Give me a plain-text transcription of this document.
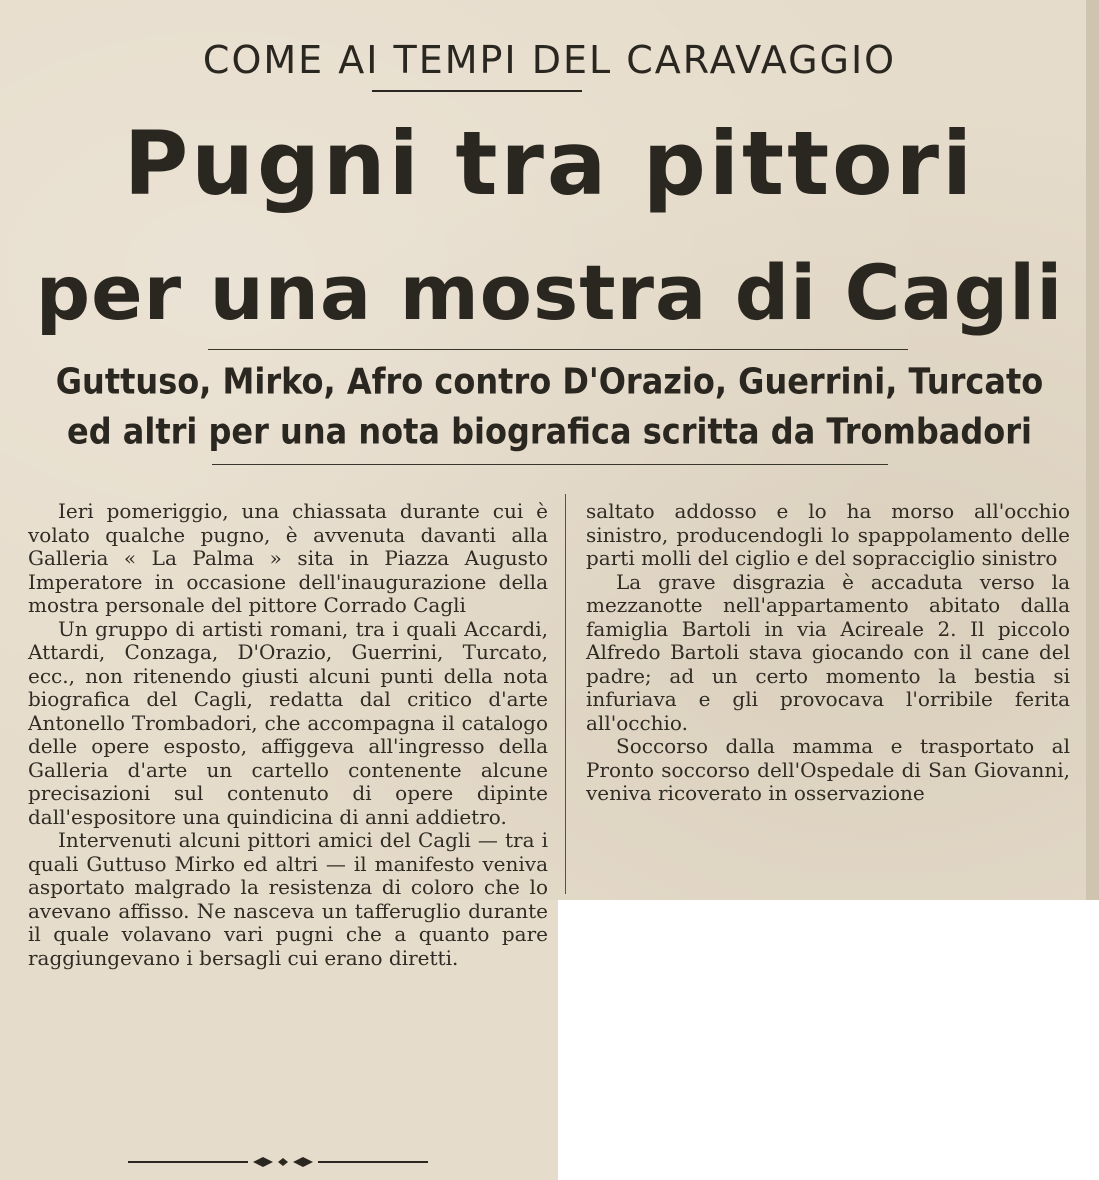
COME AI TEMPI DEL CARAVAGGIO
Pugni tra pittori
per una mostra di Cagli
Guttuso, Mirko, Afro contro D'Orazio, Guerrini, Turcato
ed altri per una nota biografica scritta da Trombadori

Ieri pomeriggio, una chiassata durante cui è volato qualche pugno, è avvenuta davanti alla Galleria « La Palma » sita in Piazza Augusto Imperatore in occasione dell'inaugurazione della mostra personale del pittore Corrado Cagli

Un gruppo di artisti romani, tra i quali Accardi, Attardi, Conzaga, D'Orazio, Guerrini, Turcato, ecc., non ritenendo giusti alcuni punti della nota biografica del Cagli, redatta dal critico d'arte Antonello Trombadori, che accompagna il catalogo delle opere esposto, affiggeva all'ingresso della Galleria d'arte un cartello contenente alcune precisazioni sul contenuto di opere dipinte dall'espositore una quindicina di anni addietro.

Intervenuti alcuni pittori amici del Cagli — tra i quali Guttuso Mirko ed altri — il manifesto veniva asportato malgrado la resistenza di coloro che lo avevano affisso. Ne nasceva un tafferuglio durante il quale volavano vari pugni che a quanto pare raggiungevano i bersagli cui erano diretti.

saltato addosso e lo ha morso all'occhio sinistro, producendogli lo spappolamento delle parti molli del ciglio e del sopracciglio sinistro

La grave disgrazia è accaduta verso la mezzanotte nell'appartamento abitato dalla famiglia Bartoli in via Acireale 2. Il piccolo Alfredo Bartoli stava giocando con il cane del padre; ad un certo momento la bestia si infuriava e gli provocava l'orribile ferita all'occhio.

Soccorso dalla mamma e trasportato al Pronto soccorso dell'Ospedale di San Giovanni, veniva ricoverato in osservazione
